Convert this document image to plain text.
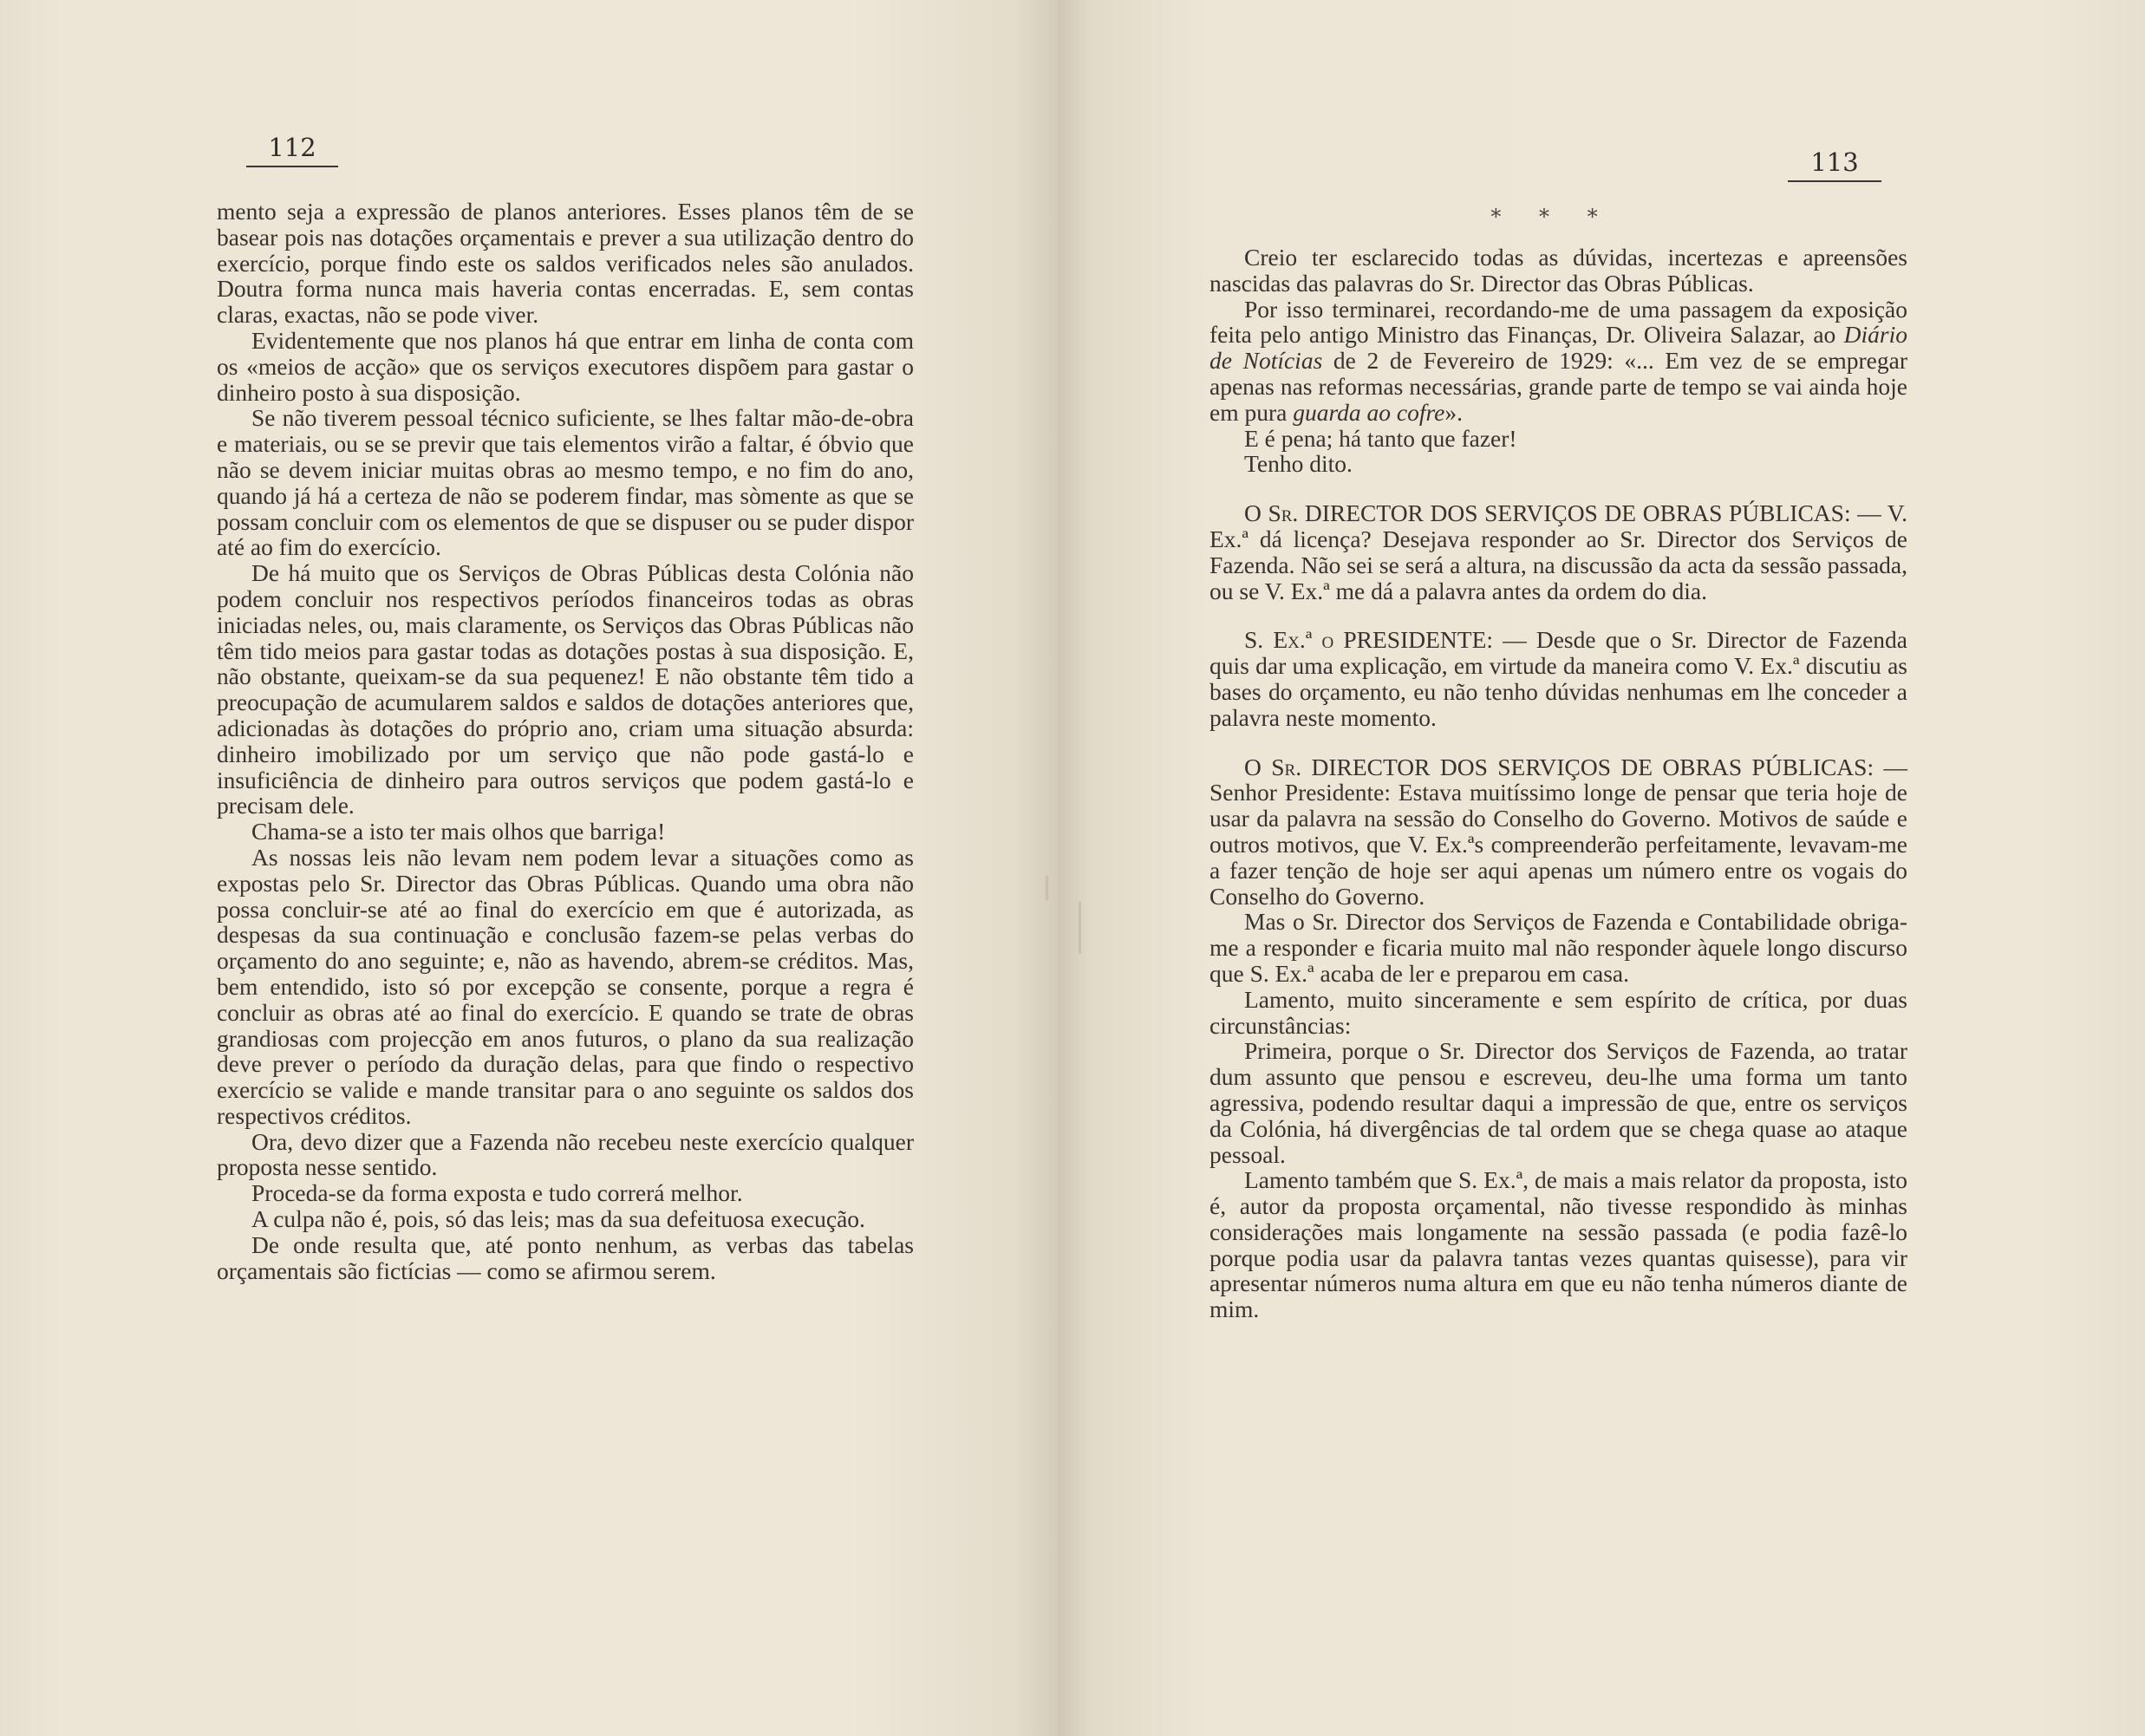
112

mento seja a expressão de planos anteriores. Esses planos têm de se basear pois nas dotações orçamentais e prever a sua utilização dentro do exercício, porque findo este os saldos verificados neles são anulados. Doutra forma nunca mais haveria contas encerradas. E, sem contas claras, exactas, não se pode viver.

Evidentemente que nos planos há que entrar em linha de conta com os «meios de acção» que os serviços executores dispõem para gastar o dinheiro posto à sua disposição.

Se não tiverem pessoal técnico suficiente, se lhes faltar mão-de-obra e materiais, ou se se previr que tais elementos virão a faltar, é óbvio que não se devem iniciar muitas obras ao mesmo tempo, e no fim do ano, quando já há a certeza de não se poderem findar, mas sòmente as que se possam concluir com os elementos de que se dispuser ou se puder dispor até ao fim do exercício.

De há muito que os Serviços de Obras Públicas desta Colónia não podem concluir nos respectivos períodos financeiros todas as obras iniciadas neles, ou, mais claramente, os Serviços das Obras Públicas não têm tido meios para gastar todas as dotações postas à sua disposição. E, não obstante, queixam-se da sua pequenez! E não obstante têm tido a preocupação de acumularem saldos e saldos de dotações anteriores que, adicionadas às dotações do próprio ano, criam uma situação absurda: dinheiro imobilizado por um serviço que não pode gastá-lo e insuficiência de dinheiro para outros serviços que podem gastá-lo e precisam dele.

Chama-se a isto ter mais olhos que barriga!

As nossas leis não levam nem podem levar a situações como as expostas pelo Sr. Director das Obras Públicas. Quando uma obra não possa concluir-se até ao final do exercício em que é autorizada, as despesas da sua continuação e conclusão fazem-se pelas verbas do orçamento do ano seguinte; e, não as havendo, abrem-se créditos. Mas, bem entendido, isto só por excepção se consente, porque a regra é concluir as obras até ao final do exercício. E quando se trate de obras grandiosas com projecção em anos futuros, o plano da sua realização deve prever o período da duração delas, para que findo o respectivo exercício se valide e mande transitar para o ano seguinte os saldos dos respectivos créditos.

Ora, devo dizer que a Fazenda não recebeu neste exercício qualquer proposta nesse sentido.

Proceda-se da forma exposta e tudo correrá melhor.

A culpa não é, pois, só das leis; mas da sua defeituosa execução.

De onde resulta que, até ponto nenhum, as verbas das tabelas orçamentais são fictícias — como se afirmou serem.

113
* * *

Creio ter esclarecido todas as dúvidas, incertezas e apreensões nascidas das palavras do Sr. Director das Obras Públicas.

Por isso terminarei, recordando-me de uma passagem da exposição feita pelo antigo Ministro das Finanças, Dr. Oliveira Salazar, ao Diário de Notícias de 2 de Fevereiro de 1929: «... Em vez de se empregar apenas nas reformas necessárias, grande parte de tempo se vai ainda hoje em pura guarda ao cofre».

E é pena; há tanto que fazer!

Tenho dito.

O Sr. DIRECTOR DOS SERVIÇOS DE OBRAS PÚBLICAS: — V. Ex.ª dá licença? Desejava responder ao Sr. Director dos Serviços de Fazenda. Não sei se será a altura, na discussão da acta da sessão passada, ou se V. Ex.ª me dá a palavra antes da ordem do dia.

S. Ex.ª o PRESIDENTE: — Desde que o Sr. Director de Fazenda quis dar uma explicação, em virtude da maneira como V. Ex.ª discutiu as bases do orçamento, eu não tenho dúvidas nenhumas em lhe conceder a palavra neste momento.

O Sr. DIRECTOR DOS SERVIÇOS DE OBRAS PÚBLICAS: — Senhor Presidente: Estava muitíssimo longe de pensar que teria hoje de usar da palavra na sessão do Conselho do Governo. Motivos de saúde e outros motivos, que V. Ex.ªs compreenderão perfeitamente, levavam-me a fazer tenção de hoje ser aqui apenas um número entre os vogais do Conselho do Governo.

Mas o Sr. Director dos Serviços de Fazenda e Contabilidade obriga-me a responder e ficaria muito mal não responder àquele longo discurso que S. Ex.ª acaba de ler e preparou em casa.

Lamento, muito sinceramente e sem espírito de crítica, por duas circunstâncias:

Primeira, porque o Sr. Director dos Serviços de Fazenda, ao tratar dum assunto que pensou e escreveu, deu-lhe uma forma um tanto agressiva, podendo resultar daqui a impressão de que, entre os serviços da Colónia, há divergências de tal ordem que se chega quase ao ataque pessoal.

Lamento também que S. Ex.ª, de mais a mais relator da proposta, isto é, autor da proposta orçamental, não tivesse respondido às minhas considerações mais longamente na sessão passada (e podia fazê-lo porque podia usar da palavra tantas vezes quantas quisesse), para vir apresentar números numa altura em que eu não tenha números diante de mim.
